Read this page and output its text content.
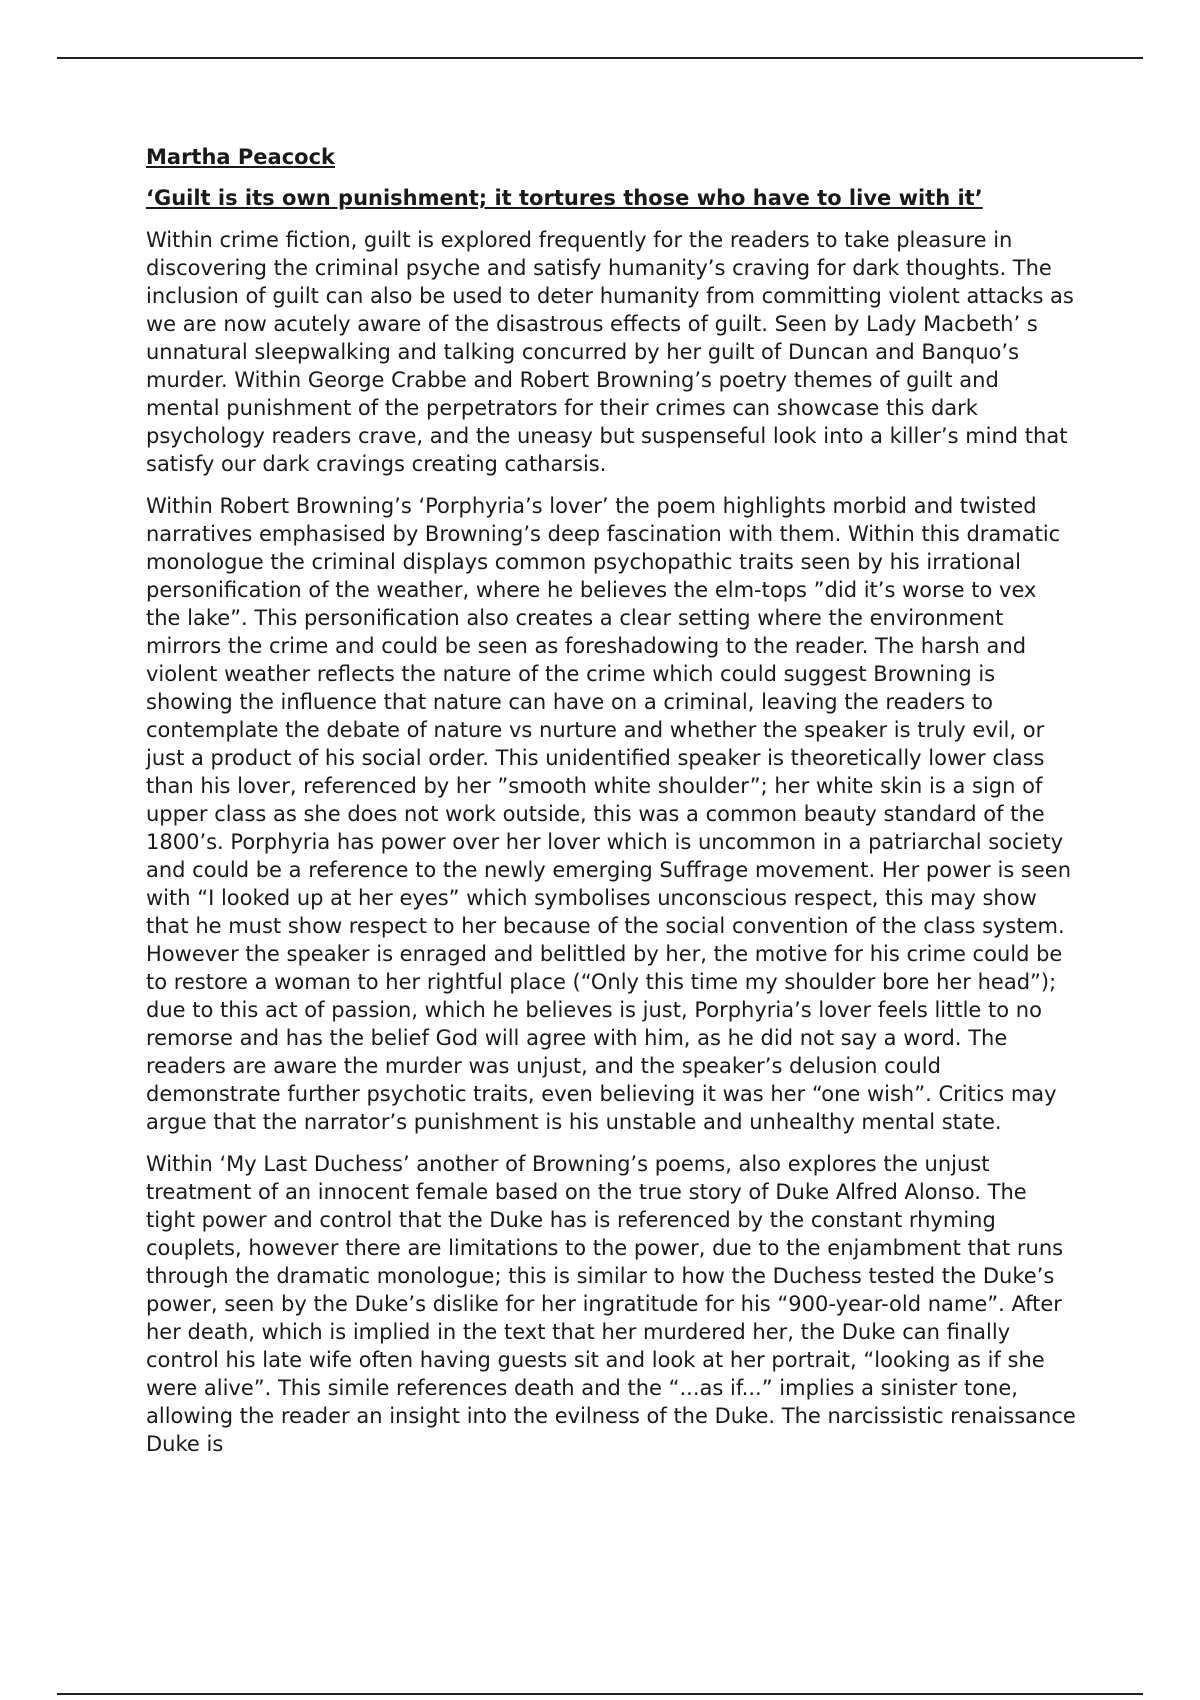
Martha Peacock
‘Guilt is its own punishment; it tortures those who have to live with it’

Within crime fiction, guilt is explored frequently for the readers to take pleasure in discovering the criminal psyche and satisfy humanity’s craving for dark thoughts. The inclusion of guilt can also be used to deter humanity from committing violent attacks as we are now acutely aware of the disastrous effects of guilt. Seen by Lady Macbeth’ s unnatural sleepwalking and talking concurred by her guilt of Duncan and Banquo’s murder. Within George Crabbe and Robert Browning’s poetry themes of guilt and mental punishment of the perpetrators for their crimes can showcase this dark psychology readers crave, and the uneasy but suspenseful look into a killer’s mind that satisfy our dark cravings creating catharsis.

Within Robert Browning’s ‘Porphyria’s lover’ the poem highlights morbid and twisted narratives emphasised by Browning’s deep fascination with them. Within this dramatic monologue the criminal displays common psychopathic traits seen by his irrational personification of the weather, where he believes the elm-tops ”did it’s worse to vex the lake”. This personification also creates a clear setting where the environment mirrors the crime and could be seen as foreshadowing to the reader. The harsh and violent weather reflects the nature of the crime which could suggest Browning is showing the influence that nature can have on a criminal, leaving the readers to contemplate the debate of nature vs nurture and whether the speaker is truly evil, or just a product of his social order. This unidentified speaker is theoretically lower class than his lover, referenced by her ”smooth white shoulder”; her white skin is a sign of upper class as she does not work outside, this was a common beauty standard of the 1800’s. Porphyria has power over her lover which is uncommon in a patriarchal society and could be a reference to the newly emerging Suffrage movement. Her power is seen with “I looked up at her eyes” which symbolises unconscious respect, this may show that he must show respect to her because of the social convention of the class system. However the speaker is enraged and belittled by her, the motive for his crime could be to restore a woman to her rightful place (“Only this time my shoulder bore her head”); due to this act of passion, which he believes is just, Porphyria’s lover feels little to no remorse and has the belief God will agree with him, as he did not say a word. The readers are aware the murder was unjust, and the speaker’s delusion could demonstrate further psychotic traits, even believing it was her “one wish”. Critics may argue that the narrator’s punishment is his unstable and unhealthy mental state.

Within ‘My Last Duchess’ another of Browning’s poems, also explores the unjust treatment of an innocent female based on the true story of Duke Alfred Alonso. The tight power and control that the Duke has is referenced by the constant rhyming couplets, however there are limitations to the power, due to the enjambment that runs through the dramatic monologue; this is similar to how the Duchess tested the Duke’s power, seen by the Duke’s dislike for her ingratitude for his “900-year-old name”. After her death, which is implied in the text that her murdered her, the Duke can finally control his late wife often having guests sit and look at her portrait, “looking as if she were alive”. This simile references death and the “...as if...” implies a sinister tone, allowing the reader an insight into the evilness of the Duke. The narcissistic renaissance Duke is
